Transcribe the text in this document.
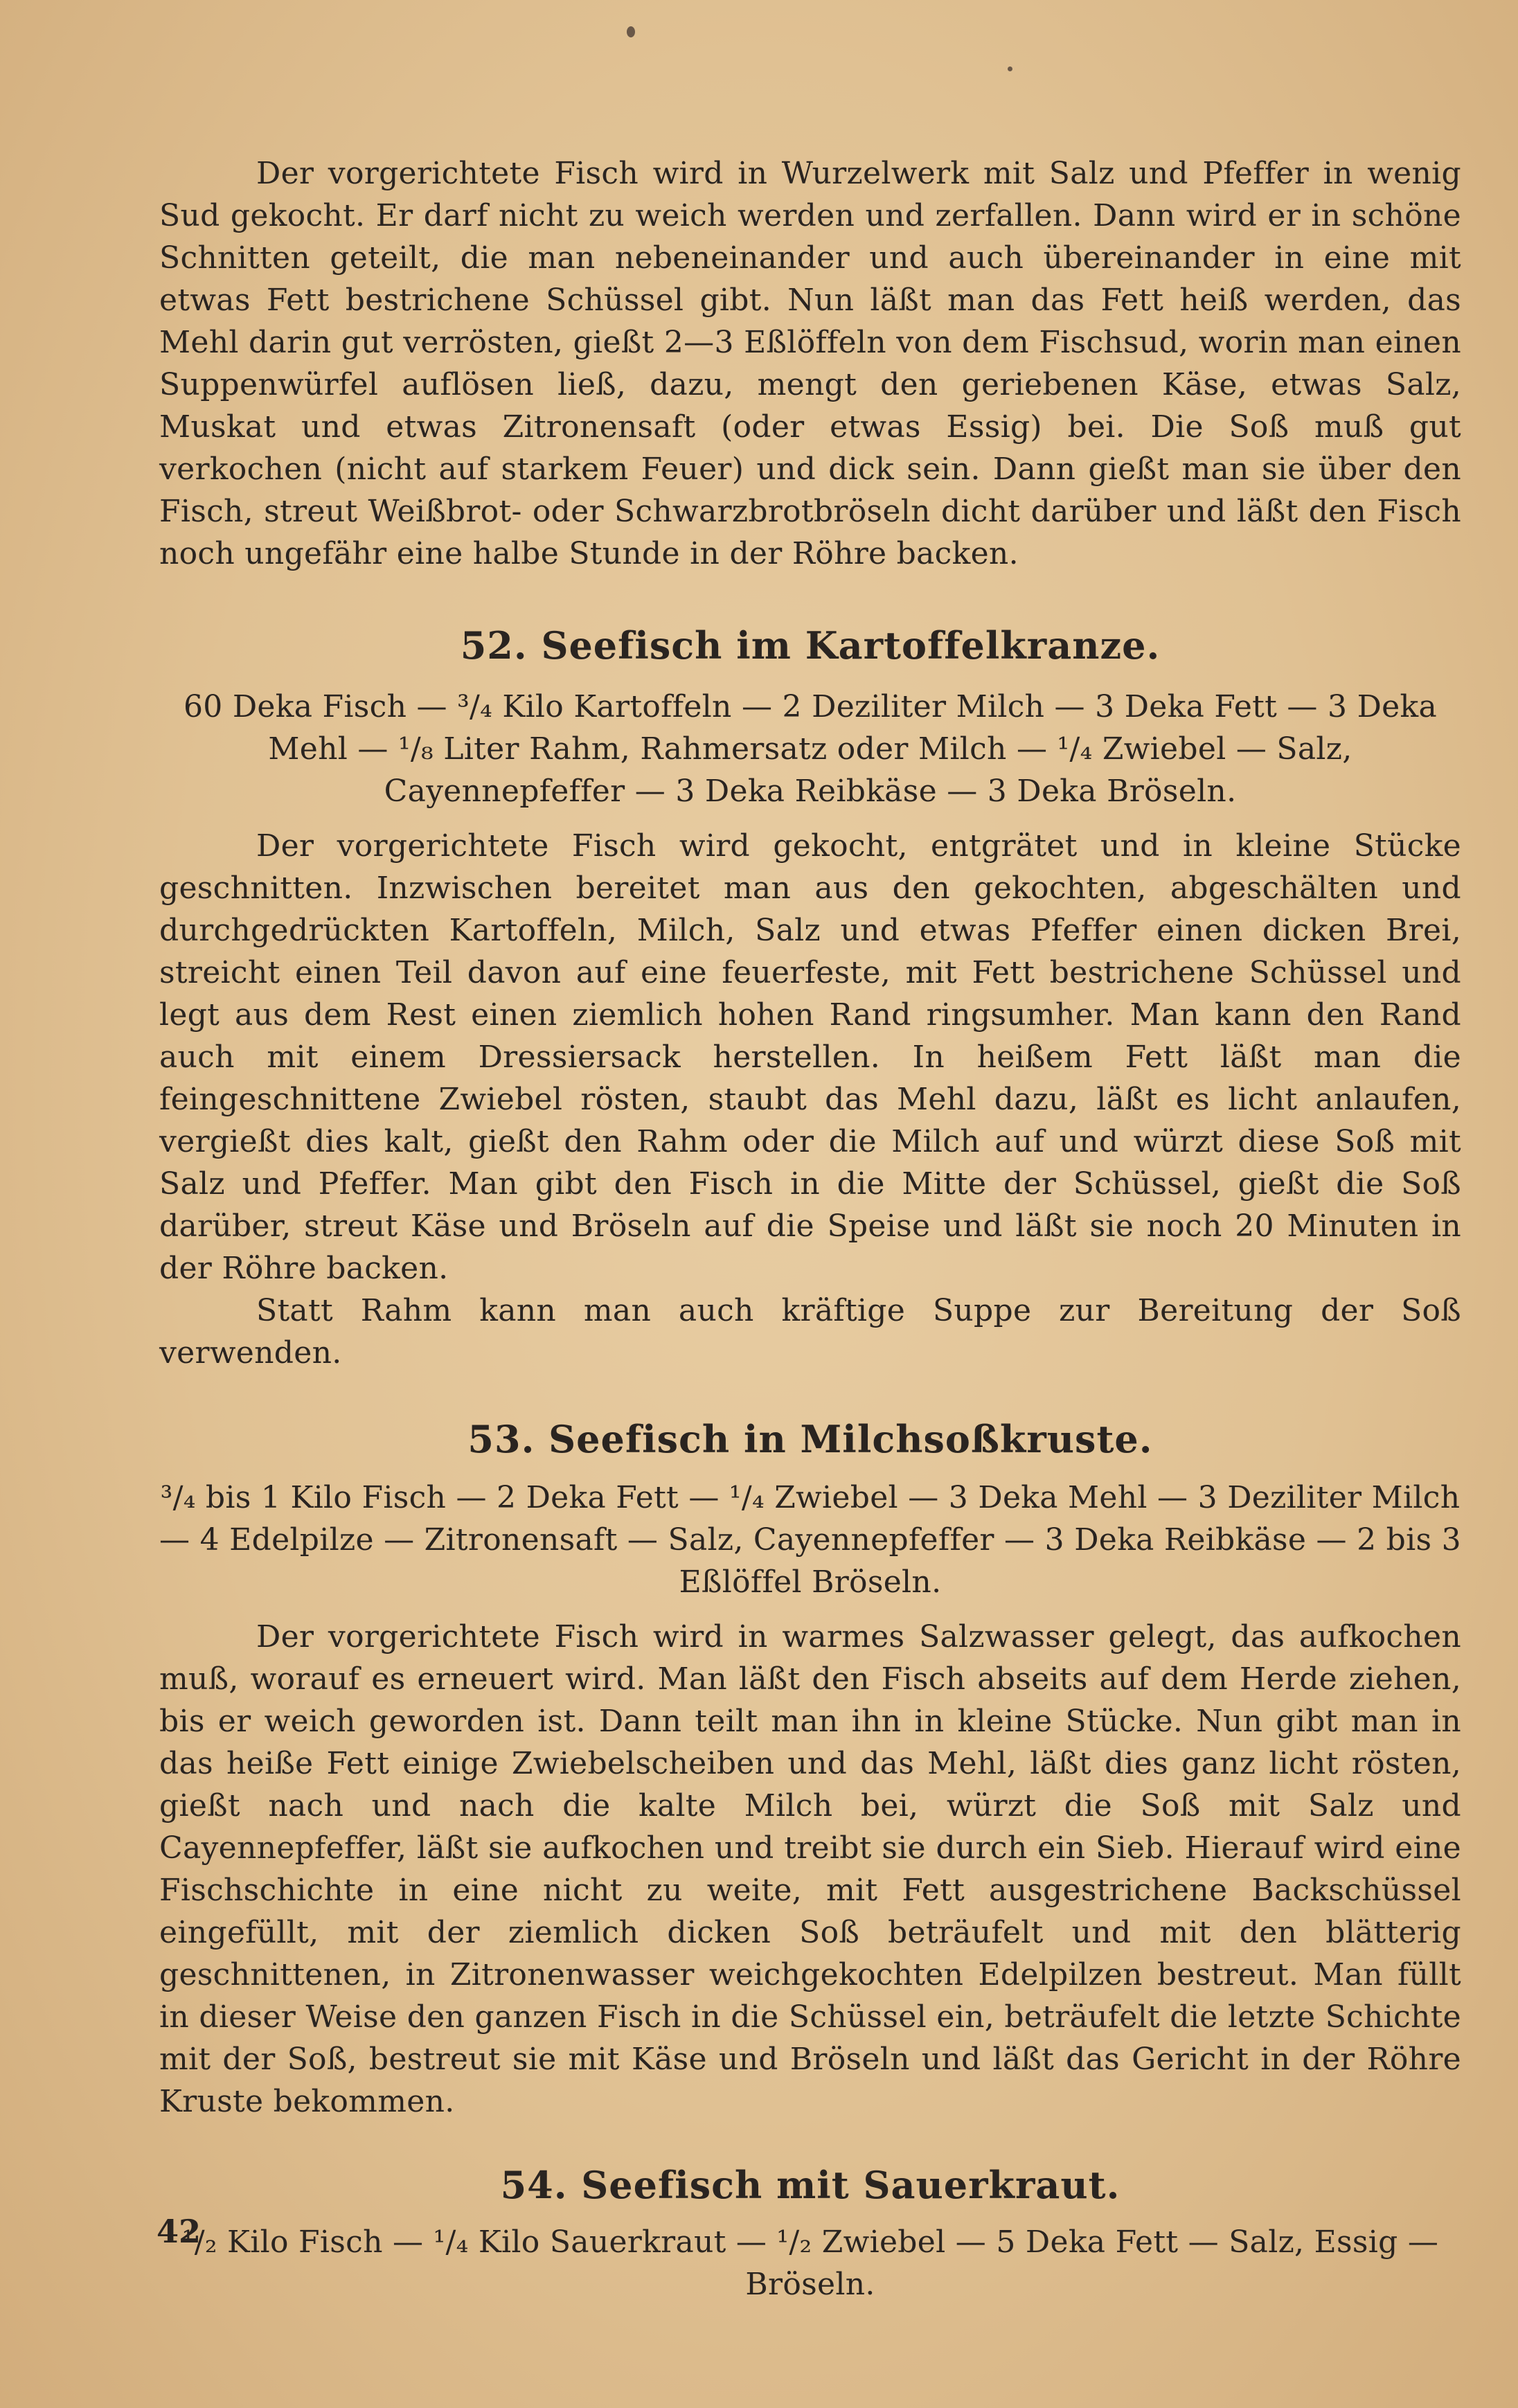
Der vorgerichtete Fisch wird in Wurzelwerk mit Salz und Pfeffer in wenig Sud gekocht. Er darf nicht zu weich werden und zerfallen. Dann wird er in schöne Schnitten geteilt, die man nebeneinander und auch übereinander in eine mit etwas Fett bestrichene Schüssel gibt. Nun läßt man das Fett heiß werden, das Mehl darin gut verrösten, gießt 2—3 Eßlöffeln von dem Fischsud, worin man einen Suppenwürfel auflösen ließ, dazu, mengt den geriebenen Käse, etwas Salz, Muskat und etwas Zitronensaft (oder etwas Essig) bei. Die Soß muß gut verkochen (nicht auf starkem Feuer) und dick sein. Dann gießt man sie über den Fisch, streut Weißbrot- oder Schwarzbrotbröseln dicht darüber und läßt den Fisch noch ungefähr eine halbe Stunde in der Röhre backen.

52. Seefisch im Kartoffelkranze.

60 Deka Fisch — ³/₄ Kilo Kartoffeln — 2 Deziliter Milch — 3 Deka Fett — 3 Deka Mehl — ¹/₈ Liter Rahm, Rahmersatz oder Milch — ¹/₄ Zwiebel — Salz, Cayennepfeffer — 3 Deka Reibkäse — 3 Deka Bröseln.

Der vorgerichtete Fisch wird gekocht, entgrätet und in kleine Stücke geschnitten. Inzwischen bereitet man aus den gekochten, abgeschälten und durchgedrückten Kartoffeln, Milch, Salz und etwas Pfeffer einen dicken Brei, streicht einen Teil davon auf eine feuerfeste, mit Fett bestrichene Schüssel und legt aus dem Rest einen ziemlich hohen Rand ringsumher. Man kann den Rand auch mit einem Dressiersack herstellen. In heißem Fett läßt man die feingeschnittene Zwiebel rösten, staubt das Mehl dazu, läßt es licht anlaufen, vergießt dies kalt, gießt den Rahm oder die Milch auf und würzt diese Soß mit Salz und Pfeffer. Man gibt den Fisch in die Mitte der Schüssel, gießt die Soß darüber, streut Käse und Bröseln auf die Speise und läßt sie noch 20 Minuten in der Röhre backen.

Statt Rahm kann man auch kräftige Suppe zur Bereitung der Soß verwenden.

53. Seefisch in Milchsoßkruste.

³/₄ bis 1 Kilo Fisch — 2 Deka Fett — ¹/₄ Zwiebel — 3 Deka Mehl — 3 Deziliter Milch — 4 Edelpilze — Zitronensaft — Salz, Cayennepfeffer — 3 Deka Reibkäse — 2 bis 3 Eßlöffel Bröseln.

Der vorgerichtete Fisch wird in warmes Salzwasser gelegt, das aufkochen muß, worauf es erneuert wird. Man läßt den Fisch abseits auf dem Herde ziehen, bis er weich geworden ist. Dann teilt man ihn in kleine Stücke. Nun gibt man in das heiße Fett einige Zwiebelscheiben und das Mehl, läßt dies ganz licht rösten, gießt nach und nach die kalte Milch bei, würzt die Soß mit Salz und Cayennepfeffer, läßt sie aufkochen und treibt sie durch ein Sieb. Hierauf wird eine Fischschichte in eine nicht zu weite, mit Fett ausgestrichene Backschüssel eingefüllt, mit der ziemlich dicken Soß beträufelt und mit den blätterig geschnittenen, in Zitronenwasser weichgekochten Edelpilzen bestreut. Man füllt in dieser Weise den ganzen Fisch in die Schüssel ein, beträufelt die letzte Schichte mit der Soß, bestreut sie mit Käse und Bröseln und läßt das Gericht in der Röhre Kruste bekommen.

54. Seefisch mit Sauerkraut.

¹/₂ Kilo Fisch — ¹/₄ Kilo Sauerkraut — ¹/₂ Zwiebel — 5 Deka Fett — Salz, Essig — Bröseln.

42
